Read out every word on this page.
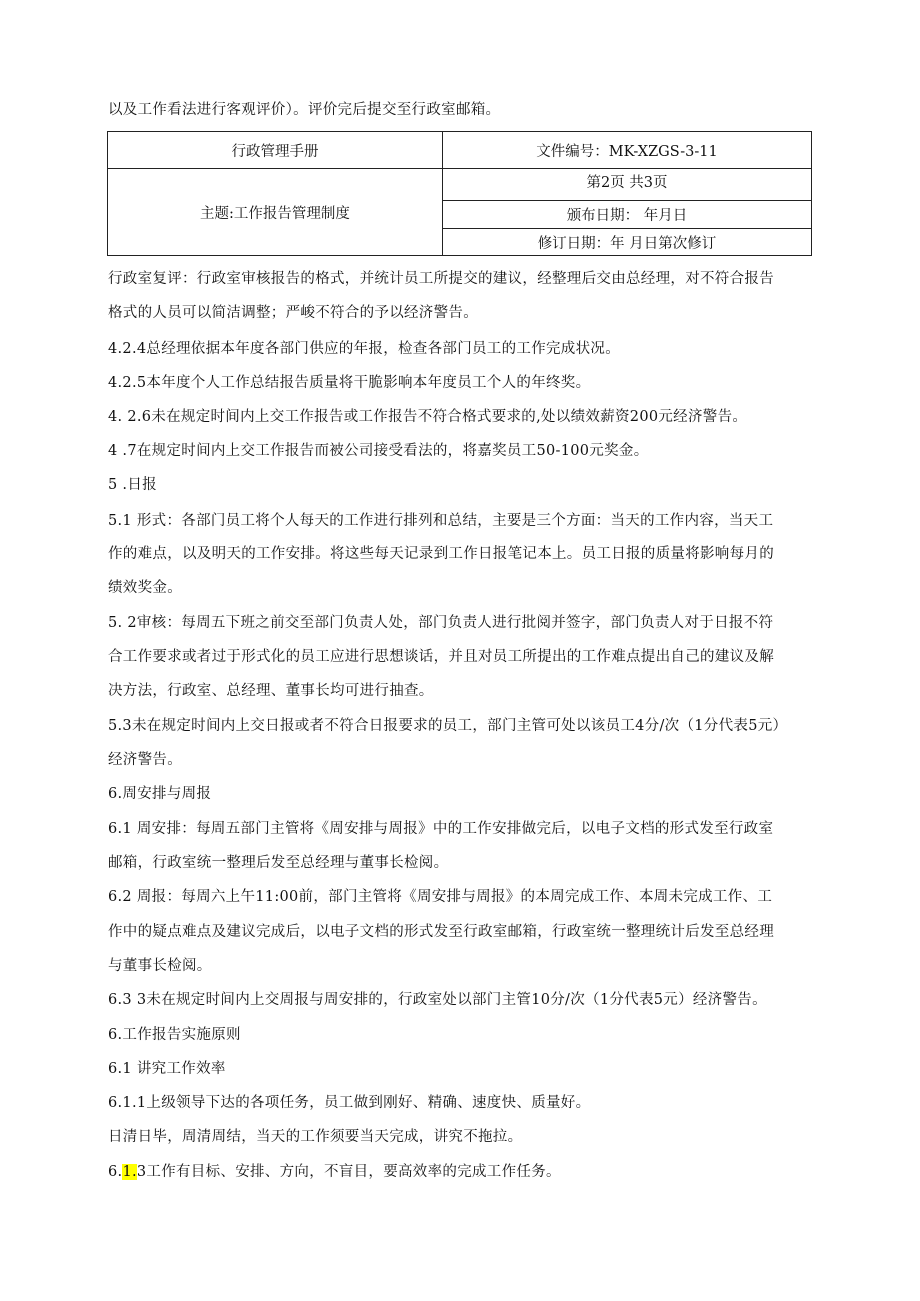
以及工作看法进行客观评价）。评价完后提交至行政室邮箱。
行政管理手册	文件编号：MK-XZGS-3-11
主题:工作报告管理制度	第2页 共3页
	颁布日期： 年月日
	修订日期：年 月日第次修订
行政室复评：行政室审核报告的格式，并统计员工所提交的建议，经整理后交由总经理，对不符合报告
格式的人员可以简洁调整；严峻不符合的予以经济警告。
4.2.4总经理依据本年度各部门供应的年报，检查各部门员工的工作完成状况。
4.2.5本年度个人工作总结报告质量将干脆影响本年度员工个人的年终奖。
4. 2.6未在规定时间内上交工作报告或工作报告不符合格式要求的,处以绩效薪资200元经济警告。
4 .7在规定时间内上交工作报告而被公司接受看法的，将嘉奖员工50-100元奖金。
5 .日报
5.1 形式：各部门员工将个人每天的工作进行排列和总结，主要是三个方面：当天的工作内容，当天工
作的难点，以及明天的工作安排。将这些每天记录到工作日报笔记本上。员工日报的质量将影响每月的
绩效奖金。
5. 2审核：每周五下班之前交至部门负责人处，部门负责人进行批阅并签字，部门负责人对于日报不符
合工作要求或者过于形式化的员工应进行思想谈话，并且对员工所提出的工作难点提出自己的建议及解
决方法，行政室、总经理、董事长均可进行抽查。
5.3未在规定时间内上交日报或者不符合日报要求的员工，部门主管可处以该员工4分/次（1分代表5元）
经济警告。
6.周安排与周报
6.1 周安排：每周五部门主管将《周安排与周报》中的工作安排做完后，以电子文档的形式发至行政室
邮箱，行政室统一整理后发至总经理与董事长检阅。
6.2 周报：每周六上午11:00前，部门主管将《周安排与周报》的本周完成工作、本周未完成工作、工
作中的疑点难点及建议完成后，以电子文档的形式发至行政室邮箱，行政室统一整理统计后发至总经理
与董事长检阅。
6.3 3未在规定时间内上交周报与周安排的，行政室处以部门主管10分/次（1分代表5元）经济警告。
6.工作报告实施原则
6.1 讲究工作效率
6.1.1上级领导下达的各项任务，员工做到刚好、精确、速度快、质量好。
日清日毕，周清周结，当天的工作须要当天完成，讲究不拖拉。
6.1.3工作有目标、安排、方向，不盲目，要高效率的完成工作任务。
